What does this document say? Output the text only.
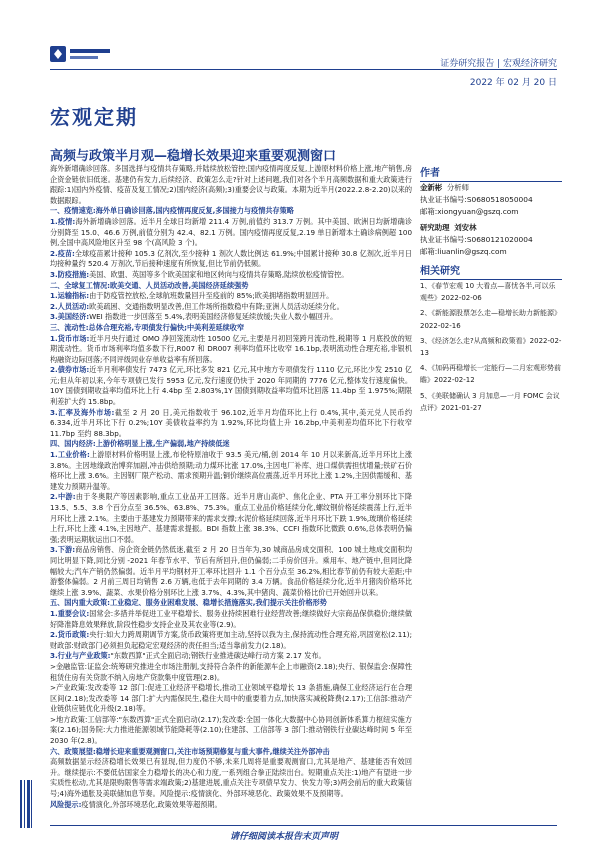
证券研究报告 | 宏观经济研究
2022 年 02 月 20 日
宏观定期
高频与政策半月观—稳增长效果迎来重要观测窗口

海外新增确诊回落。多国选择与疫情共存策略,并陆续放松管控;国内疫情再度反复,上游原材料价格上涨,地产销售,房企资金链依旧低迷。基建仍有发力,后续经济、政策怎么走?针对上述问题,我们对各个半月高频数据和重大政策进行跟踪:1)国内外疫情、疫苗及复工情况;2)国内经济(高频);3)重要会议与政策。本期为近半月(2022.2.8-2.20)以来的数据跟踪。

一、疫情速览:海外单日确诊回落,国内疫情再度反复,多国接力与疫情共存策略

1.疫情:海外新增确诊回落。近半月全球日均新增 211.4 万例,前值约 313.7 万例。其中美国、欧洲日均新增确诊分别降至 15.0、46.6 万例,前值分别为 42.4、82.1 万例。国内疫情再度反复,2.19 单日新增本土确诊病例超 100 例,全国中高风险地区升至 98 个(高风险 3 个)。

2.疫苗:全球疫苗累计接种 105.3 亿剂次,至少接种 1 剂次人数比例达 61.9%;中国累计接种 30.8 亿剂次,近半月日均接种量约 520.4 万剂次,节后接种速度有所恢复,但比节前仍低频。

3.防疫措施:美国、欧盟、英国等多个欧美国家和地区转向与疫情共存策略,陆续放松疫情管控。

二、全球复工情况:欧美交通、人员活动改善,美国经济延续强势

1.运输指标:由于防疫管控放松,全球航班数量回升至疫前的 85%;欧美拥堵指数明显回升。

2.人员活动:欧美疏困、交通指数明显改善,但工作场所指数稳中有降;亚洲人员活动延续分化。

3.美国经济:WEI 指数进一步回落至 5.4%,表明美国经济修复延续放缓;失业人数小幅回升。

三、流动性:总体合理充裕,专项债发行偏快;中美利差延续收窄

1.货币市场:近半月央行通过 OMO 净回笼流动性 10500 亿元,主要是月初回笼跨月流动性,税期等 1 月底投放的短期流动性。货币市场利率均值多数下行,R007 和 DR007 利率均值环比收窄 16.1bp,表明流动性合理充裕,非银机构融资边际回落;不同评级同业存单收益率有所回落。

2.债券市场:近半月利率债发行 7473 亿元,环比多发 821 亿元,其中地方专项债发行 1110 亿元,环比少发 2510 亿元;但从年初以来,今年专项债已发行 5953 亿元,发行速度仍快于 2020 年同期的 7776 亿元,整体发行速度偏快。10Y 国债到期收益率均值环比上行 4.4bp 至 2.803%,1Y 国债到期收益率均值环比回落 11.4bp 至 1.975%;期限利差扩大约 15.8bp。

3.汇率及海外市场:截至 2 月 20 日,美元指数收于 96.102,近半月均值环比上行 0.4%,其中,美元兑人民币约 6.334,近半月环比下行 0.2%;10Y 美债收益率约为 1.92%,环比均值上升 16.2bp,中美利差均值环比下行收窄 11.7bp 至约 88.3bp。

四、国内经济:上游价格明显上涨,生产偏弱,地产持续低迷

1.工业价格:上游原材料价格明显上涨,布伦特原油收于 93.5 美元/桶,创 2014 年 10 月以来新高,近半月环比上涨 3.8%。主因地缘政治博弈加剧,冲击供给预期;动力煤环比涨 17.0%,主因电厂补库、进口煤供需担忧增量;铁矿石价格环比上涨 3.6%。主因钢厂限产松动、需求预期升温;铜价继续高位震荡,近半月环比上涨 1.2%,主因供需缓和、基建发力预期升温等。

2.中游:由于冬奥限产等因素影响,重点工业品开工回落。近半月唐山高炉、焦化企业、PTA 开工率分别环比下降 13.5、5.5、3.8 个百分点至 36.5%、63.8%、75.3%。重点工业品价格延续分化,螺纹钢价格延续震荡上行,近半月环比上涨 2.1%。主要由于基建发力预期带来的需求支撑;水泥价格延续回落,近半月环比下跌 1.9%,玻璃价格延续上行,环比上涨 4.1%,主因地产、基建需求提振。BDI 指数上涨 38.3%、CCFI 指数环比微跌 0.6%,总体表明仍偏强;表明运期航运出口不弱。

3.下游:商品房销售、房企资金链仍然低迷,截至 2 月 20 日当年为,30 城商品房成交面积、100 城土地成交面积均同比明显下降,同比分别 -2021 年春节水平、节后有所回升,但仍偏弱;二手房价回升。乘用车、地产链中,但同比降幅较大;汽车产销仍然偏弱。近半月平均钢材开工率环比回升 1.1 个百分点至 36.2%,相比春节前仍有较大差距;中游整体偏弱。2 月前三周日均销售 2.6 万辆,也低于去年同期的 3.4 万辆。食品价格延续分化,近半月猪肉价格环比继续上涨 3.9%、蔬菜、水果价格分别环比上涨 3.7%、4.3%,其中猪肉、蔬菜价格比价已开始回升以来。

五、国内重大政策:工业稳定、服务业困难发展、稳增长措施落实,我们提示关注价格形势

1.重要会议:国常会:多措并举促进工业平稳增长、服务业持续困难行业经营改善;继续做好大宗商品保供稳价;继续做好降准降息效果释放,阶段性稳步支持企业及其农业等(2.9)。

2.货币政策:央行:如大力跨周期调节方案,货币政策将更加主动,坚持以我为主,保持流动性合理充裕,巩固宽松(2.11);财政部:财政部门必须担负起稳定宏观经济的责任担当;适当靠前发力(2.18)。

3.行业与产业政策:"东数西算"正式全面启动;钢铁行业推进碳达峰行动方案 2.17 发布。

>金融监管:证监会:统筹研究推进全市场注册制,支持符合条件的新能源车企上市融资(2.18);央行、银保监会:保障性租赁住房有关贷款不纳入房地产贷款集中度管理(2.8)。

>产业政策:发改委等 12 部门:促进工业经济平稳增长,推动工业领域平稳增长 13 条措施,确保工业经济运行在合理区间(2.18);发改委等 14 部门:扩大内需保民生,稳住大局中的重要着力点,加快落实减税降费(2.17);工信部:推动产业链供应链优化升级(2.18)等。

>地方政策:工信部等:"东数西算"正式全面启动(2.17);发改委:全国一体化大数据中心协同创新体系算力枢纽实施方案(2.16);国务院:大力推进能源领域节能降耗等(2.10);住建部、工信部等 3 部门:推动钢铁行业碳达峰时间 5 年至 2030 年(2.8)。

六、政策展望:稳增长迎来重要观测窗口,关注市场预期修复与重大事件,继续关注外部冲击

高频数据显示经济稳增长效果已有显现,但力度仍不够,未来几周将是重要观测窗口,尤其是地产、基建能否有效回升。继续提示:不要低估国家全力稳增长的决心和力度,一系列组合拳正陆续出台。短期重点关注:1)地产有望进一步实质性松动,尤其是限购限售等需求端政策;2)基建进展,重点关注专项债早发力、快发力等;3)两会前后的重大政策信号;4)海外通胀及美联储加息节奏。风险提示:疫情演化、外部环境恶化、政策效果不及预期等。

风险提示:疫情演化,外部环境恶化,政策效果等超预期。

作者
金新彬 分析师
执业证书编号:S0680518050004
邮箱:xiongyuan@gszq.com
研究助理 刘安林
执业证书编号:S0680121020004
邮箱:liuanlin@gszq.com
相关研究
1、《春节宏观 10 大看点—喜忧各半,可以乐观些》2022-02-06
2、《新能源股票怎么走—稳增长助力新能源》2022-02-16
3、《经济怎么走?从高频和政策看》2022-02-13
4、《加码再稳增长一定能行—二月宏观形势前瞻》2022-02-12
5、《美联储确认 3 月加息—一月 FOMC 会议点评》2021-01-27
请仔细阅读本报告末页声明
